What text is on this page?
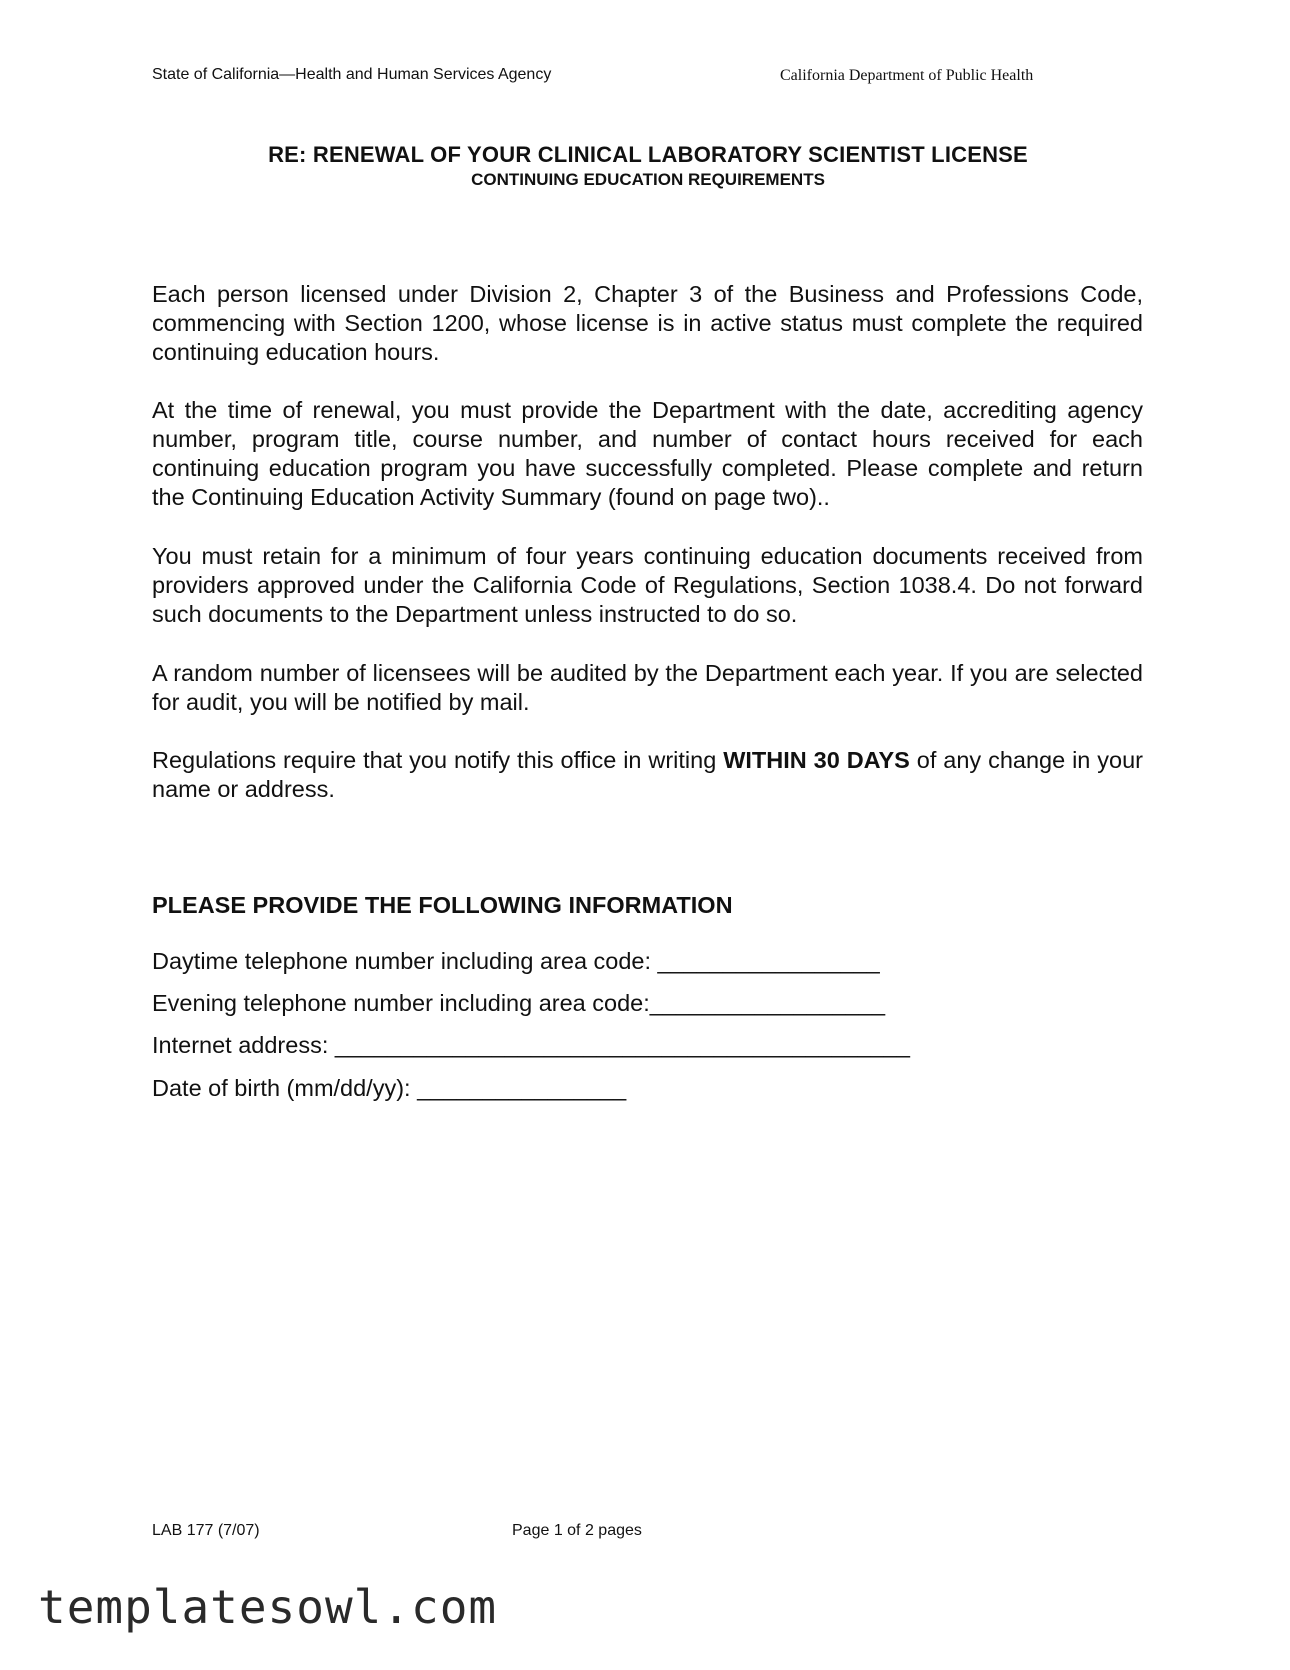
State of California—Health and Human Services Agency	California Department of Public Health
RE: RENEWAL OF YOUR CLINICAL LABORATORY SCIENTIST LICENSE
CONTINUING EDUCATION REQUIREMENTS
Each person licensed under Division 2, Chapter 3 of the Business and Professions Code, commencing with Section 1200, whose license is in active status must complete the required continuing education hours.
At the time of renewal, you must provide the Department with the date, accrediting agency number, program title, course number, and number of contact hours received for each continuing education program you have successfully completed. Please complete and return the Continuing Education Activity Summary (found on page two)..
You must retain for a minimum of four years continuing education documents received from providers approved under the California Code of Regulations, Section 1038.4. Do not forward such documents to the Department unless instructed to do so.
A random number of licensees will be audited by the Department each year. If you are selected for audit, you will be notified by mail.
Regulations require that you notify this office in writing WITHIN 30 DAYS of any change in your name or address.
PLEASE PROVIDE THE FOLLOWING INFORMATION
Daytime telephone number including area code: _________________
Evening telephone number including area code:__________________
Internet address: ____________________________________________
Date of birth (mm/dd/yy): ________________
LAB 177 (7/07)	Page 1 of 2 pages
templatesowl.com
